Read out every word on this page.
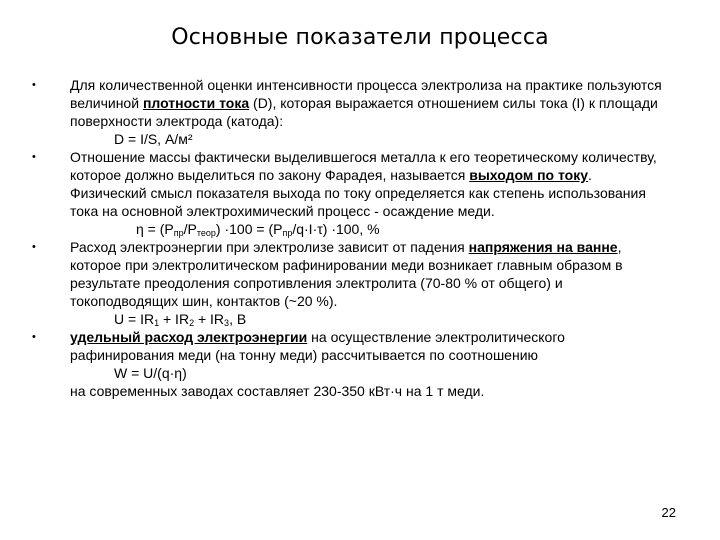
Основные показатели процесса
• Для количественной оценки интенсивности процесса электролиза на практике пользуются величиной плотности тока (D), которая выражается отношением силы тока (I) к площади поверхности электрода (катода):

D = I/S, А/м²

• Отношение массы фактически выделившегося металла к его теоретическому количеству, которое должно выделиться по закону Фарадея, называется выходом по току. Физический смысл показателя выхода по току определяется как степень использования тока на основной электрохимический процесс - осаждение меди.

$\eta = (P_{пр}/P_{теор}) \cdot 100 = (P_{пр}/q\cdot I\cdot\tau) \cdot 100$, %

• Расход электроэнергии при электролизе зависит от падения напряжения на ванне, которое при электролитическом рафинировании меди возникает главным образом в результате преодоления сопротивления электролита (70-80 % от общего) и токоподводящих шин, контактов (~20 %).

$U = IR_1 + IR_2 + IR_3$, В

• удельный расход электроэнергии на осуществление электролитического рафинирования меди (на тонну меди) рассчитывается по соотношению

W = U/(q·η)

на современных заводах составляет 230-350 кВт·ч на 1 т меди.

22
